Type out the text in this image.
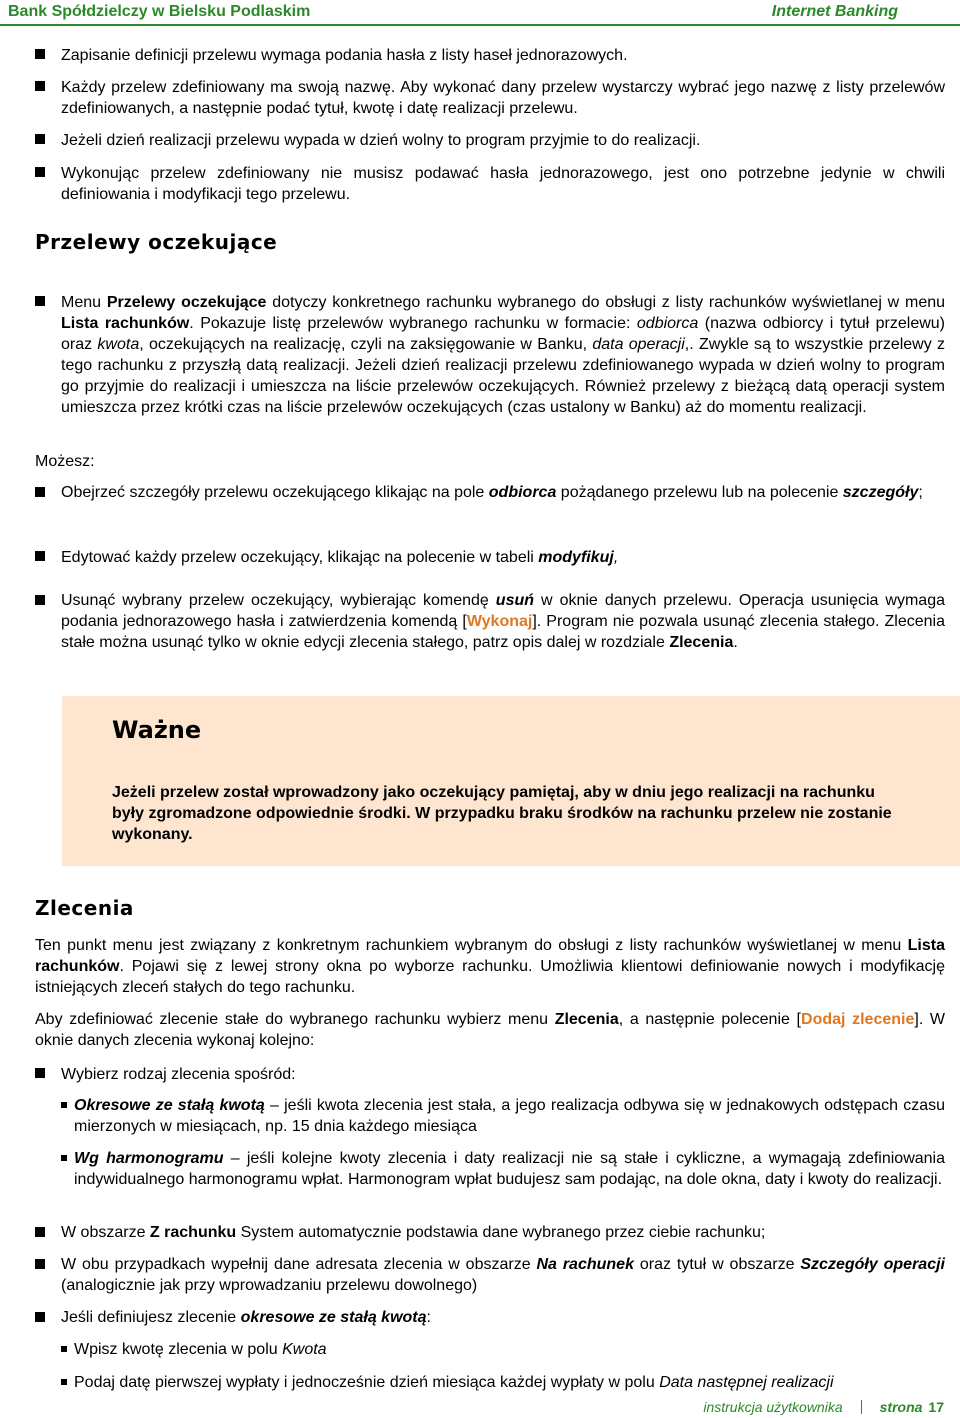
Bank Spółdzielczy w Bielsku Podlaskim	Internet Banking
Zapisanie definicji przelewu wymaga podania hasła z listy haseł jednorazowych.
Każdy przelew zdefiniowany ma swoją nazwę. Aby wykonać dany przelew wystarczy wybrać jego nazwę z listy przelewów zdefiniowanych, a następnie podać tytuł, kwotę i datę realizacji przelewu.
Jeżeli dzień realizacji przelewu wypada w dzień wolny to program przyjmie to do realizacji.
Wykonując przelew zdefiniowany nie musisz podawać hasła jednorazowego, jest ono potrzebne jedynie w chwili definiowania i modyfikacji tego przelewu.
Przelewy oczekujące
Menu Przelewy oczekujące dotyczy konkretnego rachunku wybranego do obsługi z listy rachunków wyświetlanej w menu Lista rachunków. Pokazuje listę przelewów wybranego rachunku w formacie: odbiorca (nazwa odbiorcy i tytuł przelewu) oraz kwota, oczekujących na realizację, czyli na zaksięgowanie w Banku, data operacji,. Zwykle są to wszystkie przelewy z tego rachunku z przyszłą datą realizacji. Jeżeli dzień realizacji przelewu zdefiniowanego wypada w dzień wolny to program go przyjmie do realizacji i umieszcza na liście przelewów oczekujących. Również przelewy z bieżącą datą operacji system umieszcza przez krótki czas na liście przelewów oczekujących (czas ustalony w Banku) aż do momentu realizacji.
Możesz:
Obejrzeć szczegóły przelewu oczekującego klikając na pole odbiorca pożądanego przelewu lub na polecenie szczegóły;
Edytować każdy przelew oczekujący, klikając na polecenie w tabeli modyfikuj,
Usunąć wybrany przelew oczekujący, wybierając komendę usuń w oknie danych przelewu. Operacja usunięcia wymaga podania jednorazowego hasła i zatwierdzenia komendą [Wykonaj]. Program nie pozwala usunąć zlecenia stałego. Zlecenia stałe można usunąć tylko w oknie edycji zlecenia stałego, patrz opis dalej w rozdziale Zlecenia.
Ważne
Jeżeli przelew został wprowadzony jako oczekujący pamiętaj, aby w dniu jego realizacji na rachunku były zgromadzone odpowiednie środki. W przypadku braku środków na rachunku przelew nie zostanie wykonany.
Zlecenia
Ten punkt menu jest związany z konkretnym rachunkiem wybranym do obsługi z listy rachunków wyświetlanej w menu Lista rachunków. Pojawi się z lewej strony okna po wyborze rachunku. Umożliwia klientowi definiowanie nowych i modyfikację istniejących zleceń stałych do tego rachunku.
Aby zdefiniować zlecenie stałe do wybranego rachunku wybierz menu Zlecenia, a następnie polecenie [Dodaj zlecenie]. W oknie danych zlecenia wykonaj kolejno:
Wybierz rodzaj zlecenia spośród:
Okresowe ze stałą kwotą – jeśli kwota zlecenia jest stała, a jego realizacja odbywa się w jednakowych odstępach czasu mierzonych w miesiącach, np. 15 dnia każdego miesiąca
Wg harmonogramu – jeśli kolejne kwoty zlecenia i daty realizacji nie są stałe i cykliczne, a wymagają zdefiniowania indywidualnego harmonogramu wpłat. Harmonogram wpłat budujesz sam podając, na dole okna, daty i kwoty do realizacji.
W obszarze Z rachunku System automatycznie podstawia dane wybranego przez ciebie rachunku;
W obu przypadkach wypełnij dane adresata zlecenia w obszarze Na rachunek oraz tytuł w obszarze Szczegóły operacji (analogicznie jak przy wprowadzaniu przelewu dowolnego)
Jeśli definiujesz zlecenie okresowe ze stałą kwotą:
Wpisz kwotę zlecenia w polu Kwota
Podaj datę pierwszej wypłaty i jednocześnie dzień miesiąca każdej wypłaty w polu Data następnej realizacji
instrukcja użytkownika	strona 17
